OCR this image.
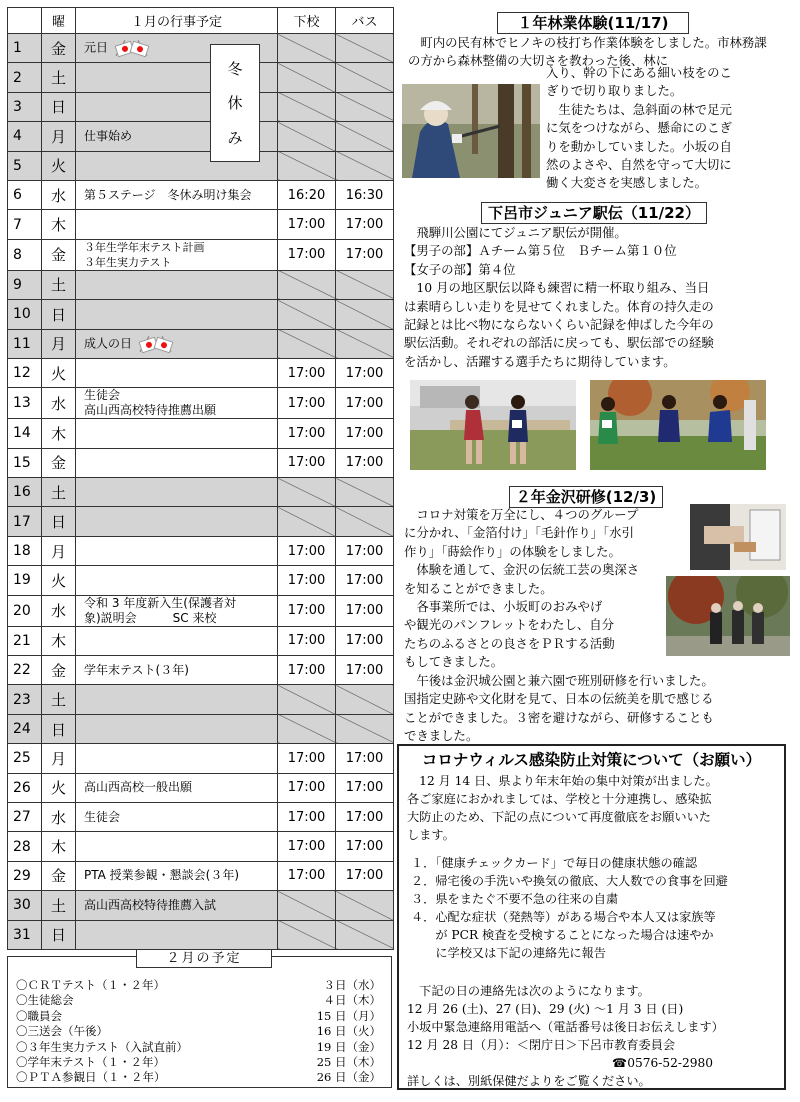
	曜	１月の行事予定	下校	バス
1	金	元日

2	土			
3	日			
4	月	仕事始め		
5	火			
6	水	第５ステージ　冬休み明け集会	16:20	16:30
7	木		17:00	17:00
8	金	３年生学年末テスト計画
３年生実力テスト	17:00	17:00
9	土			
10	日			
11	月	成人の日

12	火		17:00	17:00
13	水	生徒会
高山西高校特待推薦出願	17:00	17:00
14	木		17:00	17:00
15	金		17:00	17:00
16	土			
17	日			
18	月		17:00	17:00
19	火		17:00	17:00
20	水	令和 3 年度新入生(保護者対
象)説明会　　　SC 来校	17:00	17:00
21	木		17:00	17:00
22	金	学年末テスト(３年)	17:00	17:00
23	土			
24	日			
25	月		17:00	17:00
26	火	高山西高校一般出願	17:00	17:00
27	水	生徒会	17:00	17:00
28	木		17:00	17:00
29	金	PTA 授業参観・懇談会(３年)	17:00	17:00
30	土	高山西高校特待推薦入試		
31	日			
冬
休
み
２月の予定
〇ＣＲＴテスト（１・２年）	３日（水）
〇生徒総会	４日（木）
〇職員会	15 日（月）
〇三送会（午後）	16 日（火）
〇３年生実力テスト（入試直前）	19 日（金）
〇学年末テスト（１・２年）	25 日（木）
〇ＰＴＡ参観日（１・２年）	26 日（金）
１年林業体験(11/17)

町内の民有林でヒノキの枝打ち作業体験をしました。市林務課の方から森林整備の大切さを教わった後、林に

入り、幹の下にある細い枝をのこ
ぎりで切り取りました。
　生徒たちは、急斜面の林で足元
に気をつけながら、懸命にのこぎ
りを動かしていました。小坂の自
然のよさや、自然を守って大切に
働く大変さを実感しました。

下呂市ジュニア駅伝（11/22）

　飛騨川公園にてジュニア駅伝が開催。
【男子の部】Ａチーム第５位　Ｂチーム第１０位
【女子の部】第４位
　10 月の地区駅伝以降も練習に精一杯取り組み、当日
は素晴らしい走りを見せてくれました。体育の持久走の
記録とは比べ物にならないくらい記録を伸ばした今年の
駅伝活動。それぞれの部活に戻っても、駅伝部での経験
を活かし、活躍する選手たちに期待しています。

２年金沢研修(12/3)

　コロナ対策を万全にし、４つのグループ
に分かれ、「金箔付け」「毛針作り」「水引
作り」「蒔絵作り」の体験をしました。
　体験を通して、金沢の伝統工芸の奥深さ
を知ることができました。
　各事業所では、小坂町のおみやげ
や観光のパンフレットをわたし、自分
たちのふるさとの良さをＰＲする活動
もしてきました。

　午後は金沢城公園と兼六園で班別研修を行いました。
国指定史跡や文化財を見て、日本の伝統美を肌で感じる
ことができました。３密を避けながら、研修することも
できました。

コロナウィルス感染防止対策について（お願い）

　12 月 14 日、県より年末年始の集中対策が出ました。
各ご家庭におかれましては、学校と十分連携し、感染拡
大防止のため、下記の点について再度徹底をお願いいた
します。

１．「健康チェックカード」で毎日の健康状態の確認
２．帰宅後の手洗いや換気の徹底、大人数での食事を回避
３．県をまたぐ不要不急の往来の自粛
４．心配な症状（発熱等）がある場合や本人又は家族等
　　が PCR 検査を受検することになった場合は速やか
　　に学校又は下記の連絡先に報告

　下記の日の連絡先は次のようになります。
12 月 26 (土)、27 (日)、29 (火) ～1 月 3 日 (日)
小坂中緊急連絡用電話へ（電話番号は後日お伝えします）
12 月 28 日（月）：＜閉庁日＞下呂市教育委員会
☎0576-52-2980
詳しくは、別紙保健だよりをご覧ください。
